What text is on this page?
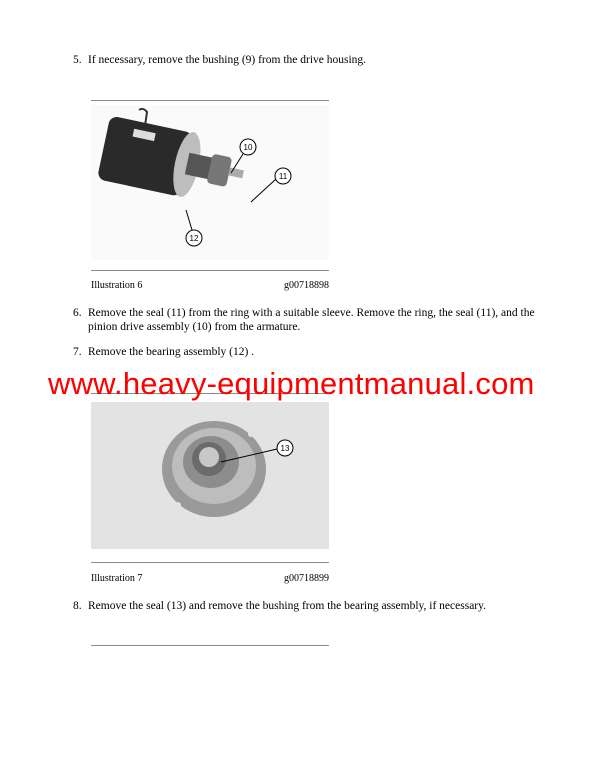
5. If necessary, remove the bushing (9) from the drive housing.
10
11
12
Illustration 6	g00718898
6. Remove the seal (11) from the ring with a suitable sleeve. Remove the ring, the seal (11), and the pinion drive assembly (10) from the armature.
7. Remove the bearing assembly (12) .
13
Illustration 7	g00718899
8. Remove the seal (13) and remove the bushing from the bearing assembly, if necessary.
www.heavy-equipmentmanual.com
